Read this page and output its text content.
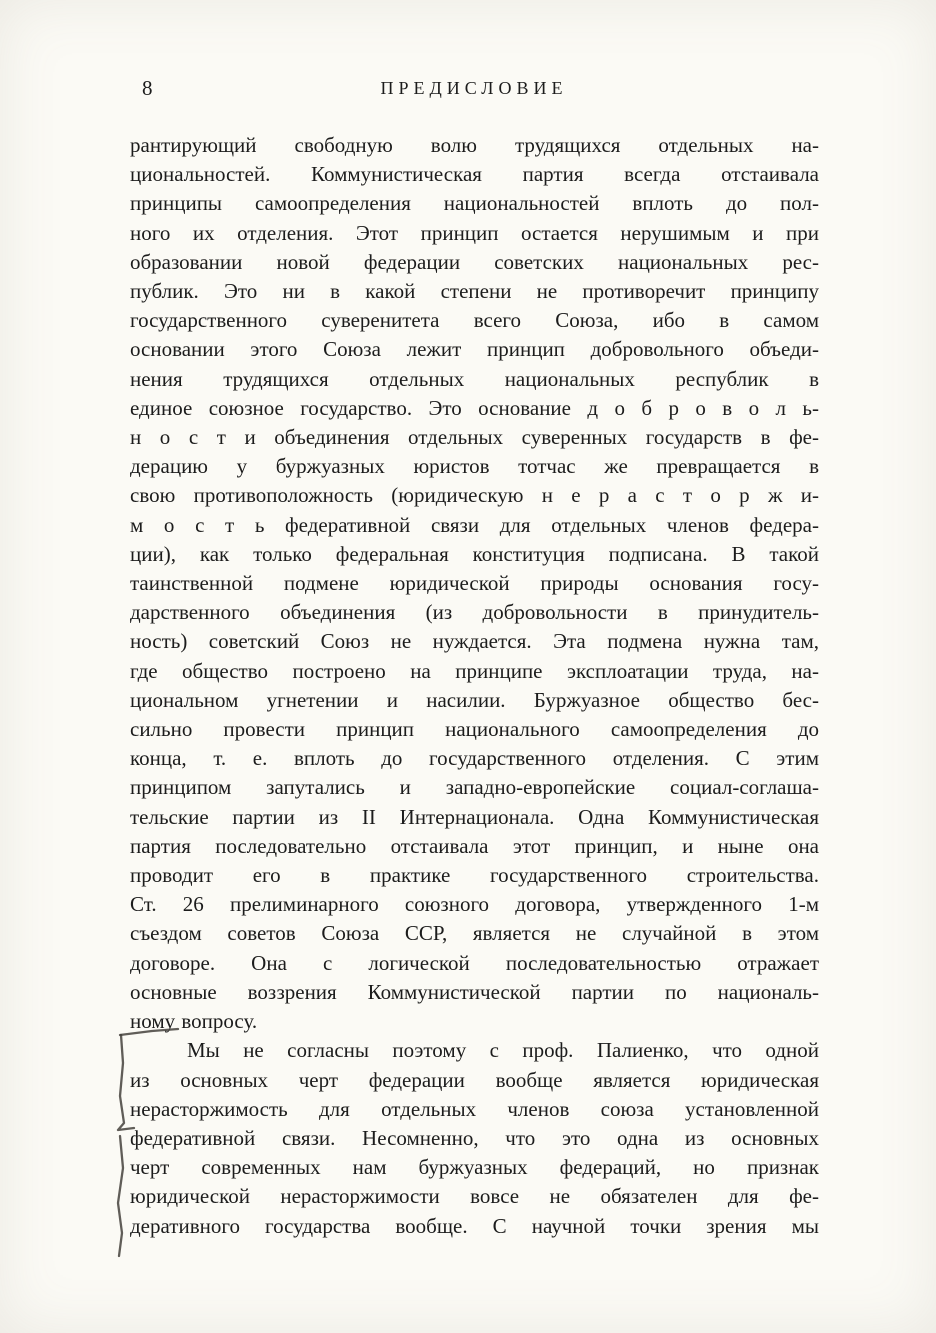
8	ПРЕДИСЛОВИЕ
рантирующий свободную волю трудящихся отдельных на-
циональностей. Коммунистическая партия всегда отстаивала
принципы самоопределения национальностей вплоть до пол-
ного их отделения. Этот принцип остается нерушимым и при
образовании новой федерации советских национальных рес-
публик. Это ни в какой степени не противоречит принципу
государственного суверенитета всего Союза, ибо в самом
основании этого Союза лежит принцип добровольного объеди-
нения трудящихся отдельных национальных республик в
единое союзное государство. Это основание д о б р о в о л ь-
н о с т и объединения отдельных суверенных государств в фе-
дерацию у буржуазных юристов тотчас же превращается в
свою противоположность (юридическую н е р а с т о р ж и-
м о с т ь федеративной связи для отдельных членов федера-
ции), как только федеральная конституция подписана. В такой
таинственной подмене юридической природы основания госу-
дарственного объединения (из добровольности в принудитель-
ность) советский Союз не нуждается. Эта подмена нужна там,
где общество построено на принципе эксплоатации труда, на-
циональном угнетении и насилии. Буржуазное общество бес-
сильно провести принцип национального самоопределения до
конца, т. е. вплоть до государственного отделения. С этим
принципом запутались и западно-европейские социал-соглаша-
тельские партии из II Интернационала. Одна Коммунистическая
партия последовательно отстаивала этот принцип, и ныне она
проводит его в практике государственного строительства.
Ст. 26 прелиминарного союзного договора, утвержденного 1-м
съездом советов Союза ССР, является не случайной в этом
договоре. Она с логической последовательностью отражает
основные воззрения Коммунистической партии по националь-
ному вопросу.
Мы не согласны поэтому с проф. Палиенко, что одной
из основных черт федерации вообще является юридическая
нерасторжимость для отдельных членов союза установленной
федеративной связи. Несомненно, что это одна из основных
черт современных нам буржуазных федераций, но признак
юридической нерасторжимости вовсе не обязателен для фе-
деративного государства вообще. С научной точки зрения мы
